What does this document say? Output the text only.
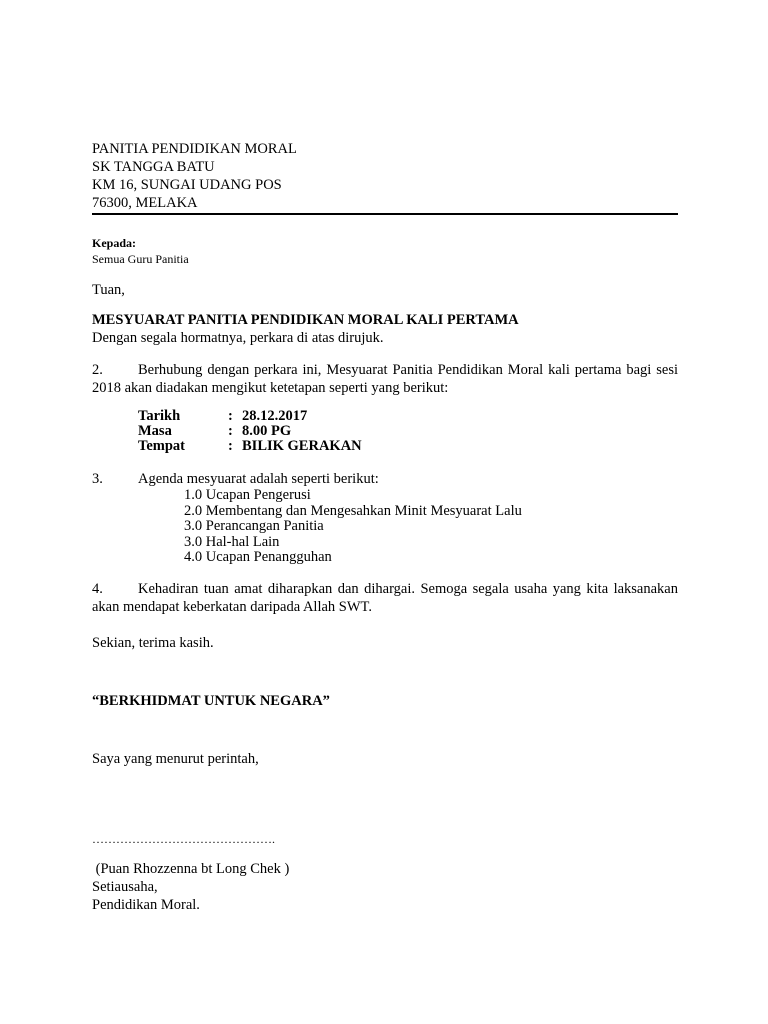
PANITIA PENDIDIKAN MORAL
SK TANGGA BATU
KM 16, SUNGAI UDANG POS
76300, MELAKA
Kepada:
Semua Guru Panitia
Tuan,
MESYUARAT PANITIA PENDIDIKAN MORAL KALI PERTAMA
Dengan segala hormatnya, perkara di atas dirujuk.
2. Berhubung dengan perkara ini, Mesyuarat Panitia Pendidikan Moral kali pertama bagi sesi 2018 akan diadakan mengikut ketetapan seperti yang berikut:
Tarikh	: 28.12.2017
Masa	: 8.00 PG
Tempat	: BILIK GERAKAN
3. Agenda mesyuarat adalah seperti berikut:
1.0 Ucapan Pengerusi
2.0 Membentang dan Mengesahkan Minit Mesyuarat Lalu
3.0 Perancangan Panitia
3.0 Hal-hal Lain
4.0 Ucapan Penangguhan
4. Kehadiran tuan amat diharapkan dan dihargai. Semoga segala usaha yang kita laksanakan akan mendapat keberkatan daripada Allah SWT.
Sekian, terima kasih.
“BERKHIDMAT UNTUK NEGARA”
Saya yang menurut perintah,
……………………………………….
(Puan Rhozzenna bt Long Chek )
Setiausaha,
Pendidikan Moral.
